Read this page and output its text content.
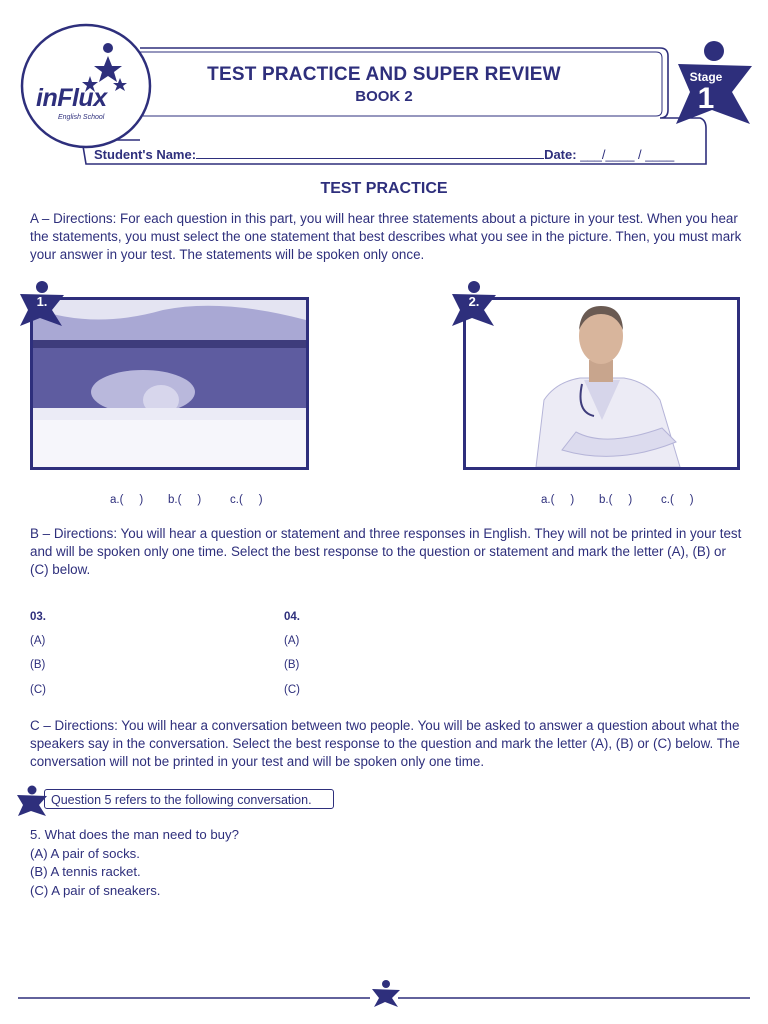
inFlux
English School
Stage
1
TEST PRACTICE AND SUPER REVIEW
BOOK 2
Student's Name:	Date: ___/____ / ____
TEST PRACTICE
A – Directions: For each question in this part, you will hear three statements about a picture in your test. When you hear the statements, you must select the one statement that best describes what you see in the picture. Then, you must mark your answer in your test. The statements will be spoken only once.
1.	2.
a.(     ) b.(     )	c.(     )	a.(     ) b.(     )	c.(     )
B – Directions: You will hear a question or statement and three responses in English. They will not be printed in your test and will be spoken only one time. Select the best response to the question or statement and mark the letter (A), (B) or (C) below.
03.
(A)
(B)
(C)
04.
(A)
(B)
(C)
C – Directions: You will hear a conversation between two people. You will be asked to answer a question about what the speakers say in the conversation. Select the best response to the question and mark the letter (A), (B) or (C) below. The conversation will not be printed in your test and will be spoken only one time.
Question 5 refers to the following conversation.
5. What does the man need to buy?
(A) A pair of socks.
(B) A tennis racket.
(C) A pair of sneakers.
